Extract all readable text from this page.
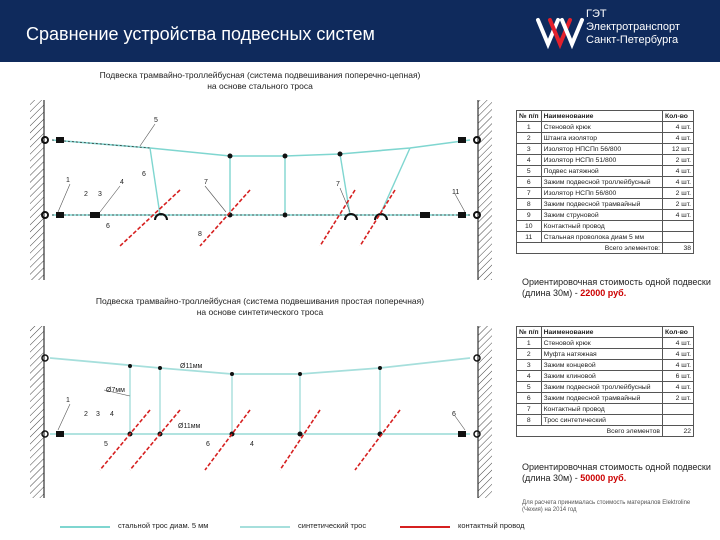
Сравнение устройства подвесных систем
ГЭТ
Электротранспорт
Санкт-Петербурга
Подвеска трамвайно-троллейбусная (система подвешивания поперечно-цепная)
на основе стального троса
Подвеска трамвайно-троллейбусная (система подвешивания простая поперечная)
на основе синтетического троса
5
1
2 3
4
6
7	7
8
11
6
Ø11мм
Ø7мм
Ø11мм
1
2 3 4
5	6	4
6
№ п/п	Наименование	Кол-во
1	Стеновой крюк	4 шт.
2	Штанга изолятор	4 шт.
3	Изолятор НПСПп 56/800	12 шт.
4	Изолятор НСПп 51/800	2 шт.
5	Подвес натяжной	4 шт.
6	Зажим подвесной троллейбусный	4 шт.
7	Изолятор НСПп 56/800	2 шт.
8	Зажим подвесной трамвайный	2 шт.
9	Зажим струновой	4 шт.
10	Контактный провод	
11	Стальная проволока диам 5 мм	
Всего элементов:		38
Ориентировочная стоимость одной подвески (длина 30м) - 22000 руб.
№ п/п	Наименование	Кол-во
1	Стеновой крюк	4 шт.
2	Муфта натяжная	4 шт.
3	Зажим концевой	4 шт.
4	Зажим клиновой	6 шт.
5	Зажим подвесной троллейбусный	4 шт.
6	Зажим подвесной трамвайный	2 шт.
7	Контактный провод	
8	Трос синтетический	
Всего элементов		22
Ориентировочная стоимость одной подвески (длина 30м) - 50000 руб.
Для расчета принималась стоимость материалов Elektroline (Чехия) на 2014 год
стальной трос диам. 5 мм	синтетический трос	контактный провод
